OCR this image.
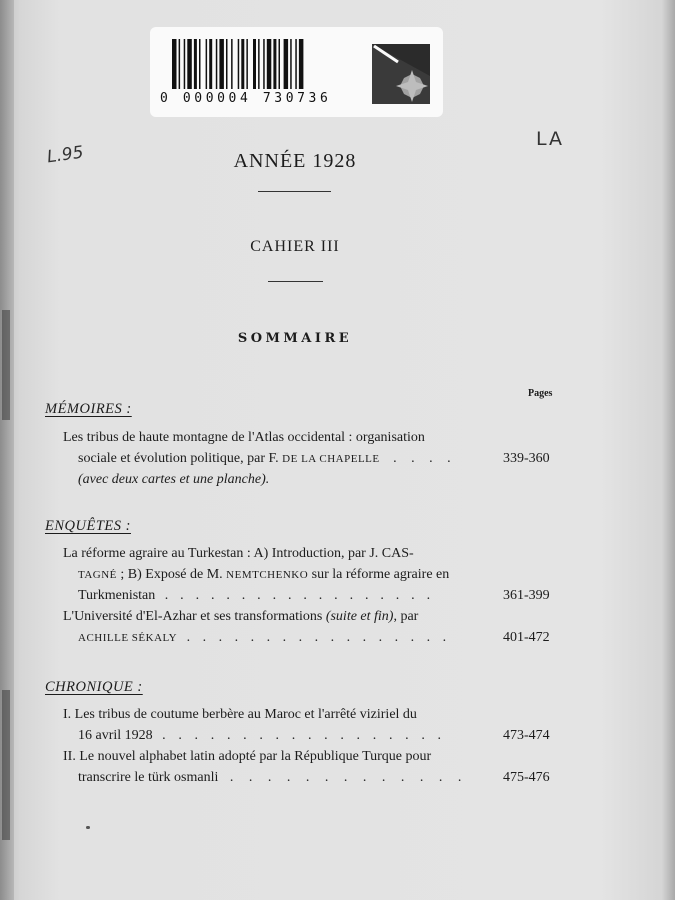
0 000004 730736
L.95
LA
ANNÉE 1928
CAHIER III
SOMMAIRE
Pages
MÉMOIRES :
Les tribus de haute montagne de l'Atlas occidental : organisation
sociale et évolution politique, par F. DE LA CHAPELLE . . . .	339-360
(avec deux cartes et une planche).
ENQUÊTES :
La réforme agraire au Turkestan : A) Introduction, par J. CAS-
TAGNÉ ; B) Exposé de M. NEMTCHENKO sur la réforme agraire en
Turkmenistan . . . . . . . . . . . . . . . . . .	361-399
L'Université d'El-Azhar et ses transformations (suite et fin), par
ACHILLE SÉKALY . . . . . . . . . . . . . . . . .	401-472
CHRONIQUE :
I. Les tribus de coutume berbère au Maroc et l'arrêté viziriel du
16 avril 1928 . . . . . . . . . . . . . . . . . .	473-474
II. Le nouvel alphabet latin adopté par la République Turque pour
transcrire le türk osmanli . . . . . . . . . . . . .	475-476
